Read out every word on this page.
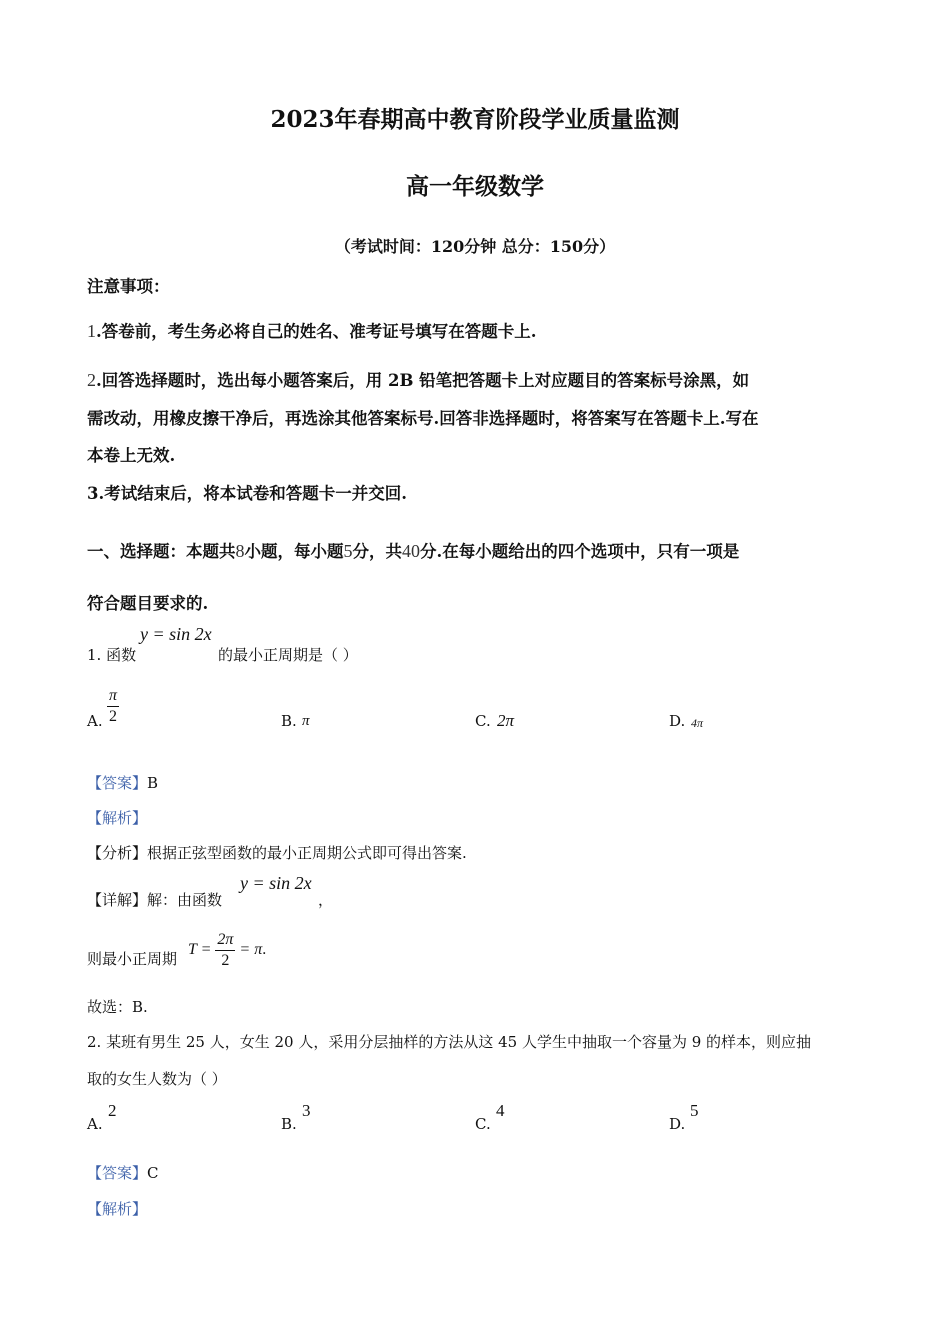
2023年春期高中教育阶段学业质量监测
高一年级数学
（考试时间：120分钟 总分：150分）
注意事项：
1.答卷前，考生务必将自己的姓名、准考证号填写在答题卡上.
2.回答选择题时，选出每小题答案后，用 2B 铅笔把答题卡上对应题目的答案标号涂黑，如
需改动，用橡皮擦干净后，再选涂其他答案标号.回答非选择题时，将答案写在答题卡上.写在
本卷上无效.
3.考试结束后，将本试卷和答题卡一并交回.
一、选择题：本题共8小题，每小题5分，共40分.在每小题给出的四个选项中，只有一项是
符合题目要求的.
1. 函数
y = sin 2x
的最小正周期是（ ）
A. $\frac{\pi}{2}$	B. π	C. 2π	D. 4π
【答案】B
【解析】
【分析】根据正弦型函数的最小正周期公式即可得出答案.
【详解】解：由函数
y = sin 2x
，
则最小正周期
$T = \frac{2\pi}{2} = \pi$.
故选：B.
2. 某班有男生 25 人，女生 20 人，采用分层抽样的方法从这 45 人学生中抽取一个容量为 9 的样本，则应抽
取的女生人数为（ ）
A.
2
B.
3
C.
4
D.
5
【答案】C
【解析】
